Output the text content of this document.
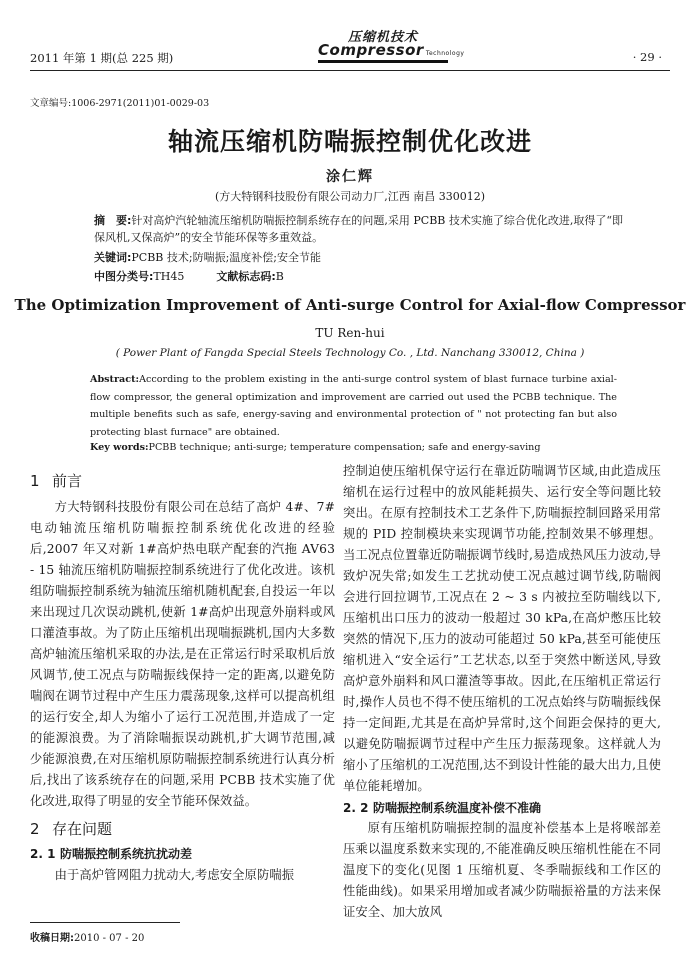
2011 年第 1 期(总 225 期)
压缩机技术
Compressor Technology	· 29 ·
文章编号:1006-2971(2011)01-0029-03
轴流压缩机防喘振控制优化改进
涂仁辉
(方大特钢科技股份有限公司动力厂,江西 南昌 330012)
摘　要:针对高炉汽轮轴流压缩机防喘振控制系统存在的问题,采用 PCBB 技术实施了综合优化改进,取得了“即保风机,又保高炉”的安全节能环保等多重效益。
关键词:PCBB 技术;防喘振;温度补偿;安全节能
中图分类号:TH45	文献标志码:B
The Optimization Improvement of Anti-surge Control for Axial-flow Compressor
TU Ren-hui
( Power Plant of Fangda Special Steels Technology Co. , Ltd. Nanchang 330012, China )
Abstract:According to the problem existing in the anti-surge control system of blast furnace turbine axial-flow compressor, the general optimization and improvement are carried out used the PCBB technique. The multiple benefits such as safe, energy-saving and environmental protection of " not protecting fan but also protecting blast furnace" are obtained.
Key words:PCBB technique; anti-surge; temperature compensation; safe and energy-saving
1 前言

方大特钢科技股份有限公司在总结了高炉 4#、7#电动轴流压缩机防喘振控制系统优化改进的经验后,2007 年又对新 1#高炉热电联产配套的汽拖 AV63 - 15 轴流压缩机防喘振控制系统进行了优化改进。该机组防喘振控制系统为轴流压缩机随机配套,自投运一年以来出现过几次误动跳机,使新 1#高炉出现意外崩料或风口灌渣事故。为了防止压缩机出现喘振跳机,国内大多数高炉轴流压缩机采取的办法,是在正常运行时采取机后放风调节,使工况点与防喘振线保持一定的距离,以避免防喘阀在调节过程中产生压力震荡现象,这样可以提高机组的运行安全,却人为缩小了运行工况范围,并造成了一定的能源浪费。为了消除喘振误动跳机,扩大调节范围,减少能源浪费,在对压缩机原防喘振控制系统进行认真分析后,找出了该系统存在的问题,采用 PCBB 技术实施了优化改进,取得了明显的安全节能环保效益。

2 存在问题
2. 1 防喘振控制系统抗扰动差

由于高炉管网阻力扰动大,考虑安全原防喘振

控制迫使压缩机保守运行在靠近防喘调节区域,由此造成压缩机在运行过程中的放风能耗损失、运行安全等问题比较突出。在原有控制技术工艺条件下,防喘振控制回路采用常规的 PID 控制模块来实现调节功能,控制效果不够理想。当工况点位置靠近防喘振调节线时,易造成热风压力波动,导致炉况失常;如发生工艺扰动使工况点越过调节线,防喘阀会进行回拉调节,工况点在 2 ~ 3 s 内被拉至防喘线以下,压缩机出口压力的波动一般超过 30 kPa,在高炉憋压比较突然的情况下,压力的波动可能超过 50 kPa,甚至可能使压缩机进入“安全运行”工艺状态,以至于突然中断送风,导致高炉意外崩料和风口灌渣等事故。因此,在压缩机正常运行时,操作人员也不得不使压缩机的工况点始终与防喘振线保持一定间距,尤其是在高炉异常时,这个间距会保持的更大,以避免防喘振调节过程中产生压力振荡现象。这样就人为缩小了压缩机的工况范围,达不到设计性能的最大出力,且使单位能耗增加。

2. 2 防喘振控制系统温度补偿不准确

原有压缩机防喘振控制的温度补偿基本上是将喉部差压乘以温度系数来实现的,不能准确反映压缩机性能在不同温度下的变化(见图 1 压缩机夏、冬季喘振线和工作区的性能曲线)。如果采用增加或者减少防喘振裕量的方法来保证安全、加大放风

收稿日期:2010 - 07 - 20
